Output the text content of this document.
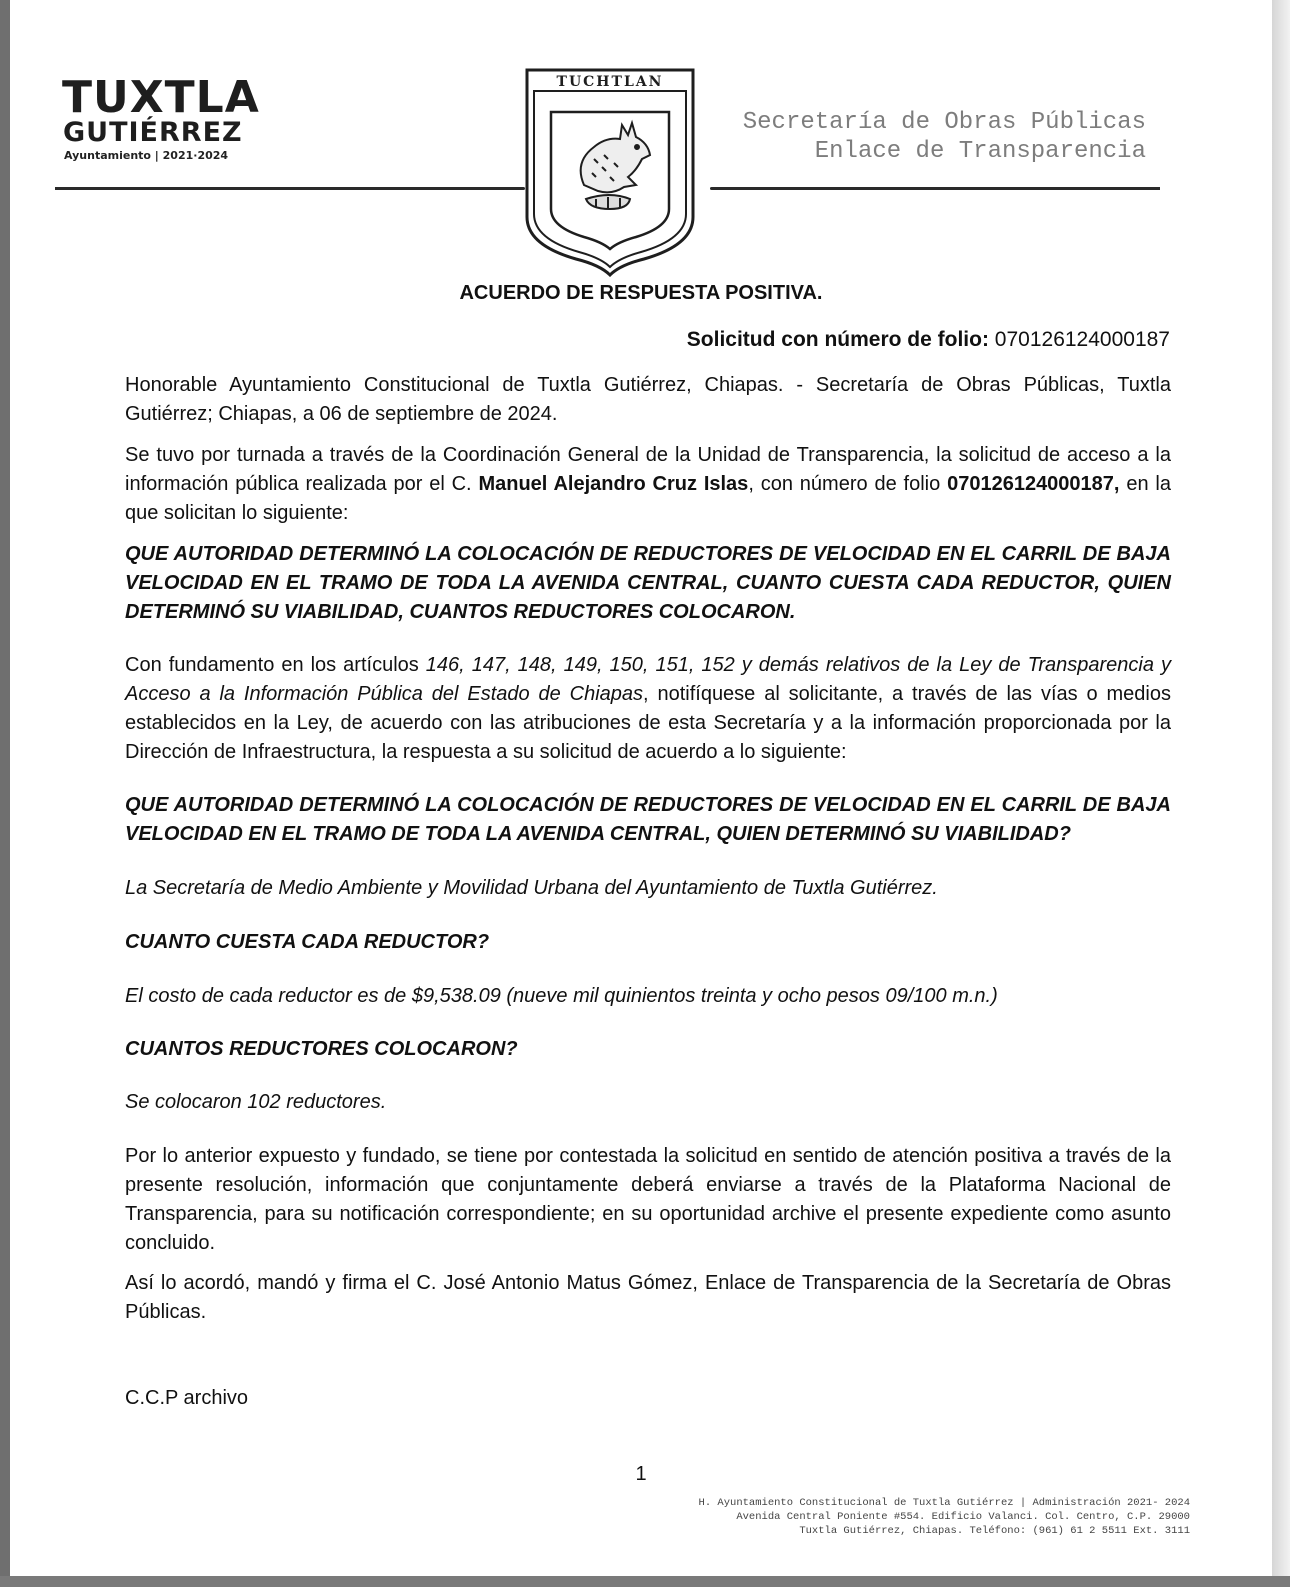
TUXTLA
GUTIÉRREZ
Ayuntamiento | 2021·2024
TUCHTLAN
Secretaría de Obras Públicas
Enlace de Transparencia
ACUERDO DE RESPUESTA POSITIVA.
Solicitud con número de folio: 070126124000187
Honorable Ayuntamiento Constitucional de Tuxtla Gutiérrez, Chiapas. - Secretaría de Obras Públicas, Tuxtla Gutiérrez; Chiapas, a 06 de septiembre de 2024.
Se tuvo por turnada a través de la Coordinación General de la Unidad de Transparencia, la solicitud de acceso a la información pública realizada por el C. Manuel Alejandro Cruz Islas, con número de folio 070126124000187, en la que solicitan lo siguiente:
QUE AUTORIDAD DETERMINÓ LA COLOCACIÓN DE REDUCTORES DE VELOCIDAD EN EL CARRIL DE BAJA VELOCIDAD EN EL TRAMO DE TODA LA AVENIDA CENTRAL, CUANTO CUESTA CADA REDUCTOR, QUIEN DETERMINÓ SU VIABILIDAD, CUANTOS REDUCTORES COLOCARON.
Con fundamento en los artículos 146, 147, 148, 149, 150, 151, 152 y demás relativos de la Ley de Transparencia y Acceso a la Información Pública del Estado de Chiapas, notifíquese al solicitante, a través de las vías o medios establecidos en la Ley, de acuerdo con las atribuciones de esta Secretaría y a la información proporcionada por la Dirección de Infraestructura, la respuesta a su solicitud de acuerdo a lo siguiente:
QUE AUTORIDAD DETERMINÓ LA COLOCACIÓN DE REDUCTORES DE VELOCIDAD EN EL CARRIL DE BAJA VELOCIDAD EN EL TRAMO DE TODA LA AVENIDA CENTRAL, QUIEN DETERMINÓ SU VIABILIDAD?
La Secretaría de Medio Ambiente y Movilidad Urbana del Ayuntamiento de Tuxtla Gutiérrez.
CUANTO CUESTA CADA REDUCTOR?
El costo de cada reductor es de $9,538.09 (nueve mil quinientos treinta y ocho pesos 09/100 m.n.)
CUANTOS REDUCTORES COLOCARON?
Se colocaron 102 reductores.
Por lo anterior expuesto y fundado, se tiene por contestada la solicitud en sentido de atención positiva a través de la presente resolución, información que conjuntamente deberá enviarse a través de la Plataforma Nacional de Transparencia, para su notificación correspondiente; en su oportunidad archive el presente expediente como asunto concluido.
Así lo acordó, mandó y firma el C. José Antonio Matus Gómez, Enlace de Transparencia de la Secretaría de Obras Públicas.
C.C.P archivo
1
H. Ayuntamiento Constitucional de Tuxtla Gutiérrez | Administración 2021- 2024
Avenida Central Poniente #554. Edificio Valanci. Col. Centro, C.P. 29000
Tuxtla Gutiérrez, Chiapas. Teléfono: (961) 61 2 5511 Ext. 3111
